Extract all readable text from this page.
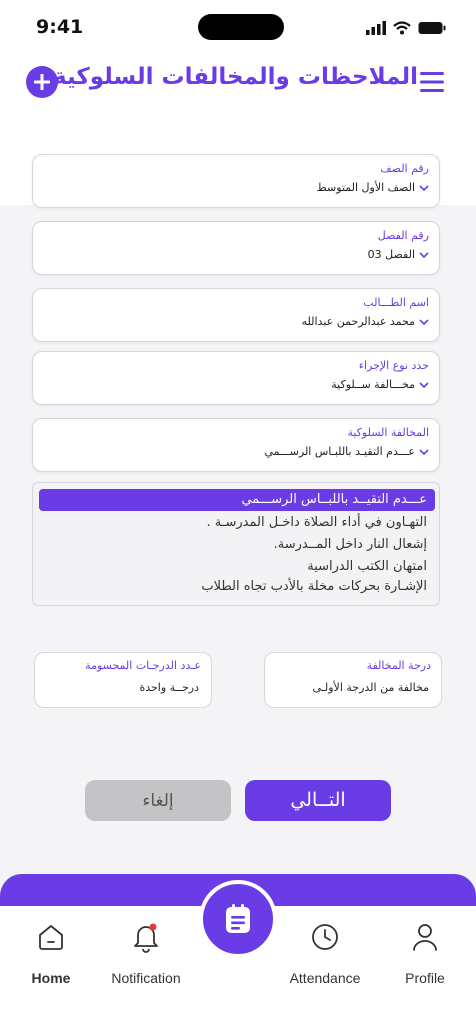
9:41
الملاحظات والمخالفات السلوكية
رقم الصف
الصف الأول المتوسط
رقم الفصل
الفصل 03
اسم الطـــالب
محمد عبدالرحمن عبدالله
حدد نوع الإجراء
مخـــالفة ســلوكية
المخالفة السلوكية
عـــدم التقيـد باللبـاس الرســـمي
عـــدم التقيــد باللبــاس الرســـمي
التهـاون في أداء الصلاة داخـل المدرسـة .
إشعال النار داخل المــدرسة.
امتهان الكتب الدراسية
الإشـارة بحركات مخلة بالأدب تجاه الطلاب
درجة المخالفة
مخالفة من الدرجة الأولـى
عـدد الدرجـات المحسومة
درجــة واحدة
التــالي
إلغاء
Home	Notification	Attendance	Profile
